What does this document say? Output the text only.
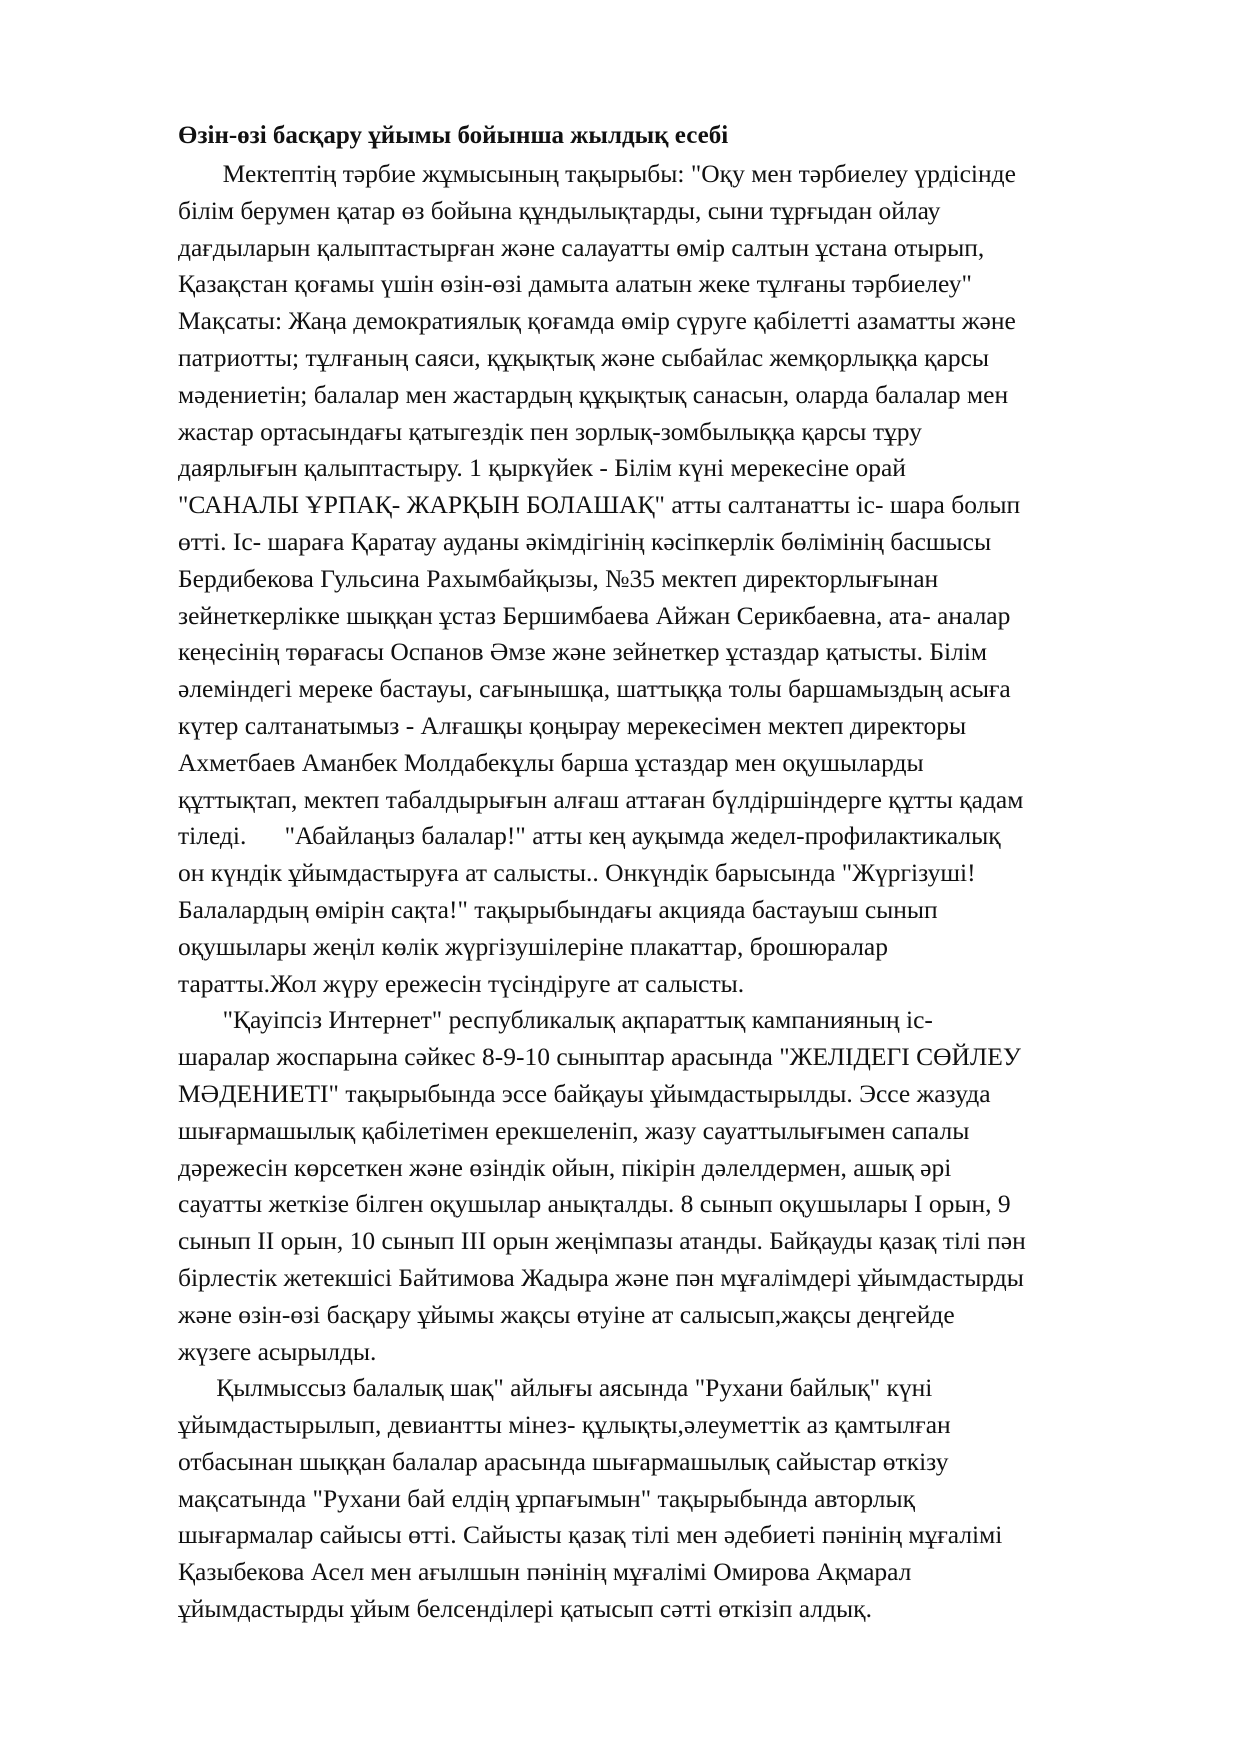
Өзін-өзі басқару ұйымы бойынша жылдық есебі
Мектептің тәрбие жұмысының тақырыбы: "Оқу мен тәрбиелеу үрдісінде
білім берумен қатар өз бойына құндылықтарды, сыни тұрғыдан ойлау
дағдыларын қалыптастырған және салауатты өмір салтын ұстана отырып,
Қазақстан қоғамы үшін өзін-өзі дамыта алатын жеке тұлғаны тәрбиелеу"
Мақсаты: Жаңа демократиялық қоғамда өмір сүруге қабілетті азаматты және
патриотты; тұлғаның саяси, құқықтық және сыбайлас жемқорлыққа қарсы
мәдениетін; балалар мен жастардың құқықтық санасын, оларда балалар мен
жастар ортасындағы қатыгездік пен зорлық-зомбылыққа қарсы тұру
даярлығын қалыптастыру. 1 қыркүйек - Білім күні мерекесіне орай
"САНАЛЫ ҰРПАҚ- ЖАРҚЫН БОЛАШАҚ" атты салтанатты іс- шара болып
өтті. Іс- шараға Қаратау ауданы әкімдігінің кәсіпкерлік бөлімінің басшысы
Бердибекова Гульсина Рахымбайқызы, №35 мектеп директорлығынан
зейнеткерлікке шыққан ұстаз Бершимбаева Айжан Серикбаевна, ата- аналар
кеңесінің төрағасы Оспанов Әмзе және зейнеткер ұстаздар қатысты. Білім
әлеміндегі мереке бастауы, сағынышқа, шаттыққа толы баршамыздың асыға
күтер салтанатымыз - Алғашқы қоңырау мерекесімен мектеп директоры
Ахметбаев Аманбек Молдабекұлы барша ұстаздар мен оқушыларды
құттықтап, мектеп табалдырығын алғаш аттаған бүлдіршіндерге құтты қадам
тіледі.      "Абайлаңыз балалар!" атты кең ауқымда жедел-профилактикалық
он күндік ұйымдастыруға ат салысты.. Онкүндік барысында "Жүргізуші!
Балалардың өмірін сақта!" тақырыбындағы акцияда бастауыш сынып
оқушылары жеңіл көлік жүргізушілеріне плакаттар, брошюралар
таратты.Жол жүру ережесін түсіндіруге ат салысты.
"Қауіпсіз Интернет" республикалық ақпараттық кампанияның іс-
шаралар жоспарына сәйкес 8-9-10 сыныптар арасында "ЖЕЛІДЕГІ СӨЙЛЕУ
МӘДЕНИЕТІ" тақырыбында эссе байқауы ұйымдастырылды. Эссе жазуда
шығармашылық қабілетімен ерекшеленіп, жазу сауаттылығымен сапалы
дәрежесін көрсеткен және өзіндік ойын, пікірін дәлелдермен, ашық әрі
сауатты жеткізе білген оқушылар анықталды. 8 сынып оқушылары I орын, 9
сынып II орын, 10 сынып III орын жеңімпазы атанды. Байқауды қазақ тілі пән
бірлестік жетекшісі Байтимова Жадыра және пән мұғалімдері ұйымдастырды
және өзін-өзі басқару ұйымы жақсы өтуіне ат салысып,жақсы деңгейде
жүзеге асырылды.
Қылмыссыз балалық шақ" айлығы аясында "Рухани байлық" күні
ұйымдастырылып, девиантты мінез- құлықты,әлеуметтік аз қамтылған
отбасынан шыққан балалар арасында шығармашылық сайыстар өткізу
мақсатында "Рухани бай елдің ұрпағымын" тақырыбында авторлық
шығармалар сайысы өтті. Сайысты қазақ тілі мен әдебиеті пәнінің мұғалімі
Қазыбекова Асел мен ағылшын пәнінің мұғалімі Омирова Ақмарал
ұйымдастырды ұйым белсенділері қатысып сәтті өткізіп алдық.
